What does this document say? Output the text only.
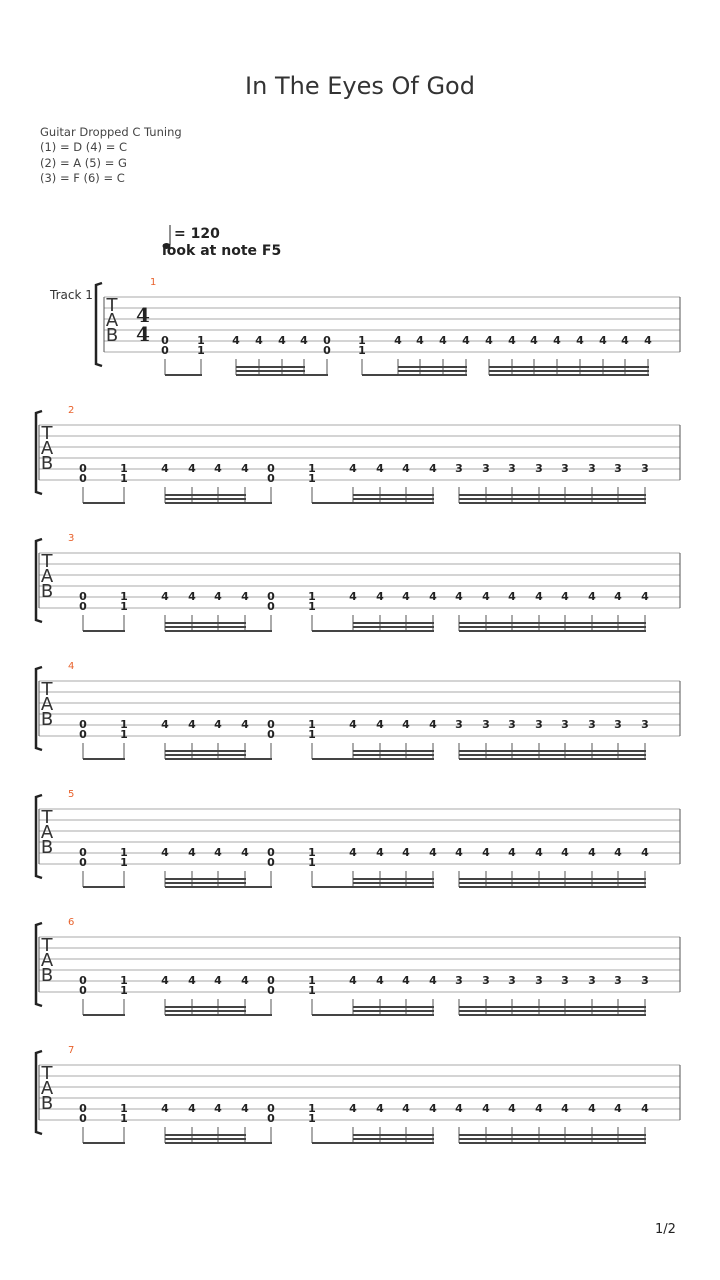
In The Eyes Of God
Guitar Dropped C Tuning
(1) = D (4) = C
(2) = A (5) = G
(3) = F (6) = C
= 120
look at note F5
Track 1 T
A
B
1
4
4 0
0
1
1
4 4 4 4 0
0
1
1
4 4 4 4 4 4 4 4 4 4 4 4
T
A
B
2
0
0
1
1
4 4 4 4 0
0
1
1
4 4 4 4 3 3 3 3 3 3 3 3
T
A
B
3
0
0
1
1
4 4 4 4 0
0
1
1
4 4 4 4 4 4 4 4 4 4 4 4
T
A
B
4
0
0
1
1
4 4 4 4 0
0
1
1
4 4 4 4 3 3 3 3 3 3 3 3
T
A
B
5
0
0
1
1
4 4 4 4 0
0
1
1
4 4 4 4 4 4 4 4 4 4 4 4
T
A
B
6
0
0
1
1
4 4 4 4 0
0
1
1
4 4 4 4 3 3 3 3 3 3 3 3
T
A
B
7
0
0
1
1
4 4 4 4 0
0
1
1
4 4 4 4 4 4 4 4 4 4 4 4
1/2
